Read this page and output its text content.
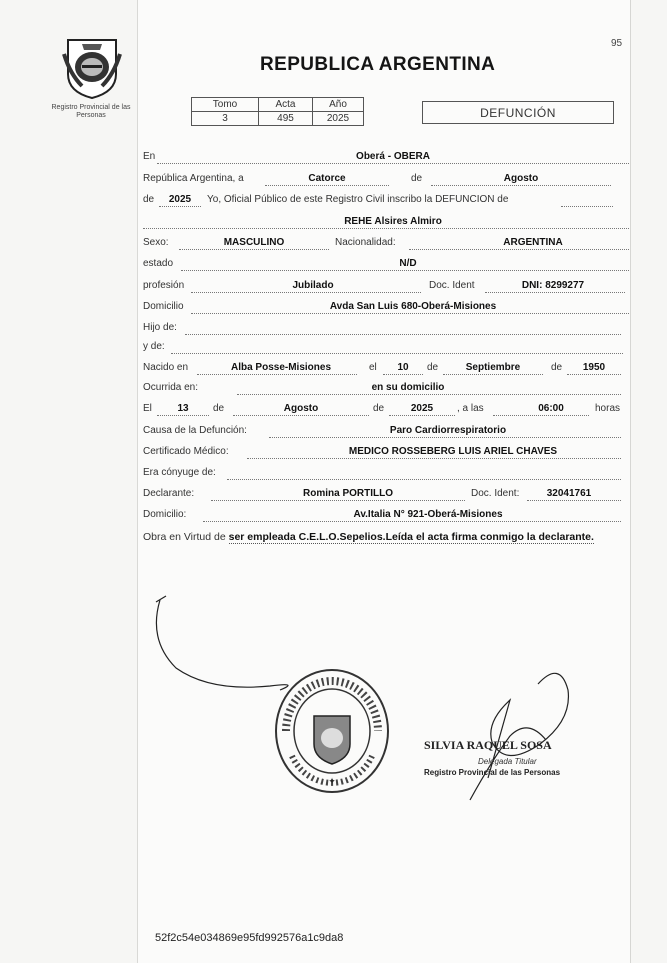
Registro Provincial de las Personas
95
REPUBLICA ARGENTINA
Tomo	Acta	Año
3	495	2025	DEFUNCIÓN
En	Oberá - OBERA
República Argentina, a	Catorce	de	Agosto
de	2025	Yo, Oficial Público de este Registro Civil inscribo la DEFUNCION de
REHE Alsires Almiro
Sexo:	MASCULINO	Nacionalidad:	ARGENTINA
estado	N/D
profesión	Jubilado	Doc. Ident	DNI: 8299277
Domicilio	Avda San Luis 680-Oberá-Misiones
Hijo de:
y de:
Nacido en	Alba Posse-Misiones	el	10	de	Septiembre	de	1950
Ocurrida en:	en su domicilio
El	13	de	Agosto	de	2025	, a las	06:00	horas
Causa de la Defunción:	Paro Cardiorrespiratorio
Certificado Médico:	MEDICO ROSSEBERG LUIS ARIEL CHAVES
Era cónyuge de:
Declarante:	Romina PORTILLO	Doc. Ident:	32041761
Domicilio:	Av.Italia N° 921-Oberá-Misiones
Obra en Virtud de ser empleada C.E.L.O.Sepelios.Leída el acta firma conmigo la declarante.
✦
SILVIA RAQUEL SOSA
Delegada Titular
Registro Provincial de las Personas
52f2c54e034869e95fd992576a1c9da8
